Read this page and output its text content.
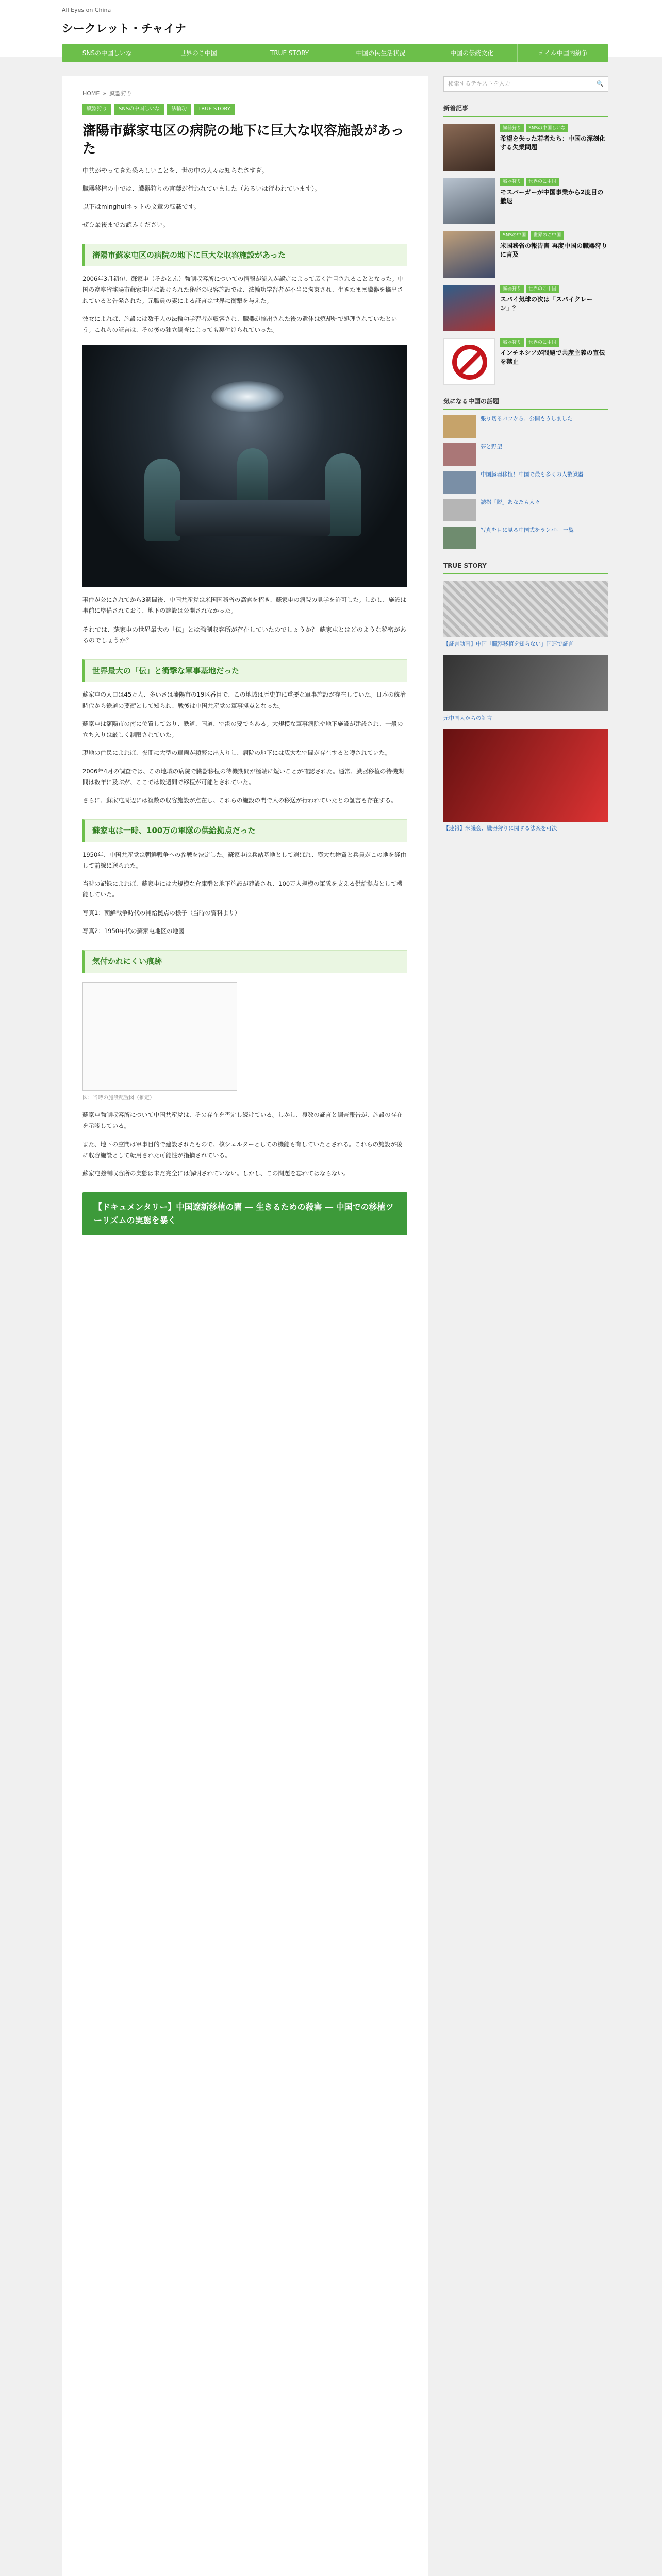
All Eyes on China
シークレット・チャイナ
SNSの中国しいな	世界のこ中国	TRUE STORY	中国の民生活状況	中国の伝統文化	オイル中国内紛争
HOME » 臓器狩り
臓器狩り	SNSの中国しいな	法輪功	TRUE STORY
瀋陽市蘇家屯区の病院の地下に巨大な収容施設があった

中共がやってきた恐ろしいことを、世の中の人々は知らなさすぎ。

臓器移植の中では、臓器狩りの言葉が行われていました（あるいは行われています）。

以下はminghuiネットの文章の転載です。

ぜひ最後までお読みください。

瀋陽市蘇家屯区の病院の地下に巨大な収容施設があった

2006年3月初旬、蘇家屯（そかとん）強制収容所についての情報が流入が認定によって広く注目されることとなった。中国の遼寧省瀋陽市蘇家屯区に設けられた秘密の収容施設では、法輪功学習者が不当に拘束され、生きたまま臓器を摘出されていると告発された。元職員の妻による証言は世界に衝撃を与えた。

彼女によれば、施設には数千人の法輪功学習者が収容され、臓器が摘出された後の遺体は焼却炉で処理されていたという。これらの証言は、その後の独立調査によっても裏付けられていった。

事件が公にされてから3週間後、中国共産党は米国国務省の高官を招き、蘇家屯の病院の見学を許可した。しかし、施設は事前に準備されており、地下の施設は公開されなかった。

それでは、蘇家屯の世界最大の「伝」とは強制収容所が存在していたのでしょうか？ 蘇家屯とはどのような秘密があるのでしょうか？

世界最大の「伝」と衝撃な軍事基地だった

蘇家屯の人口は45万人、多いさは瀋陽市の19区番目で、この地域は歴史的に重要な軍事施設が存在していた。日本の統治時代から鉄道の要衝として知られ、戦後は中国共産党の軍事拠点となった。

蘇家屯は瀋陽市の南に位置しており、鉄道、国道、空港の要でもある。大規模な軍事病院や地下施設が建設され、一般の立ち入りは厳しく制限されていた。

現地の住民によれば、夜間に大型の車両が頻繁に出入りし、病院の地下には広大な空間が存在すると噂されていた。

2006年4月の調査では、この地域の病院で臓器移植の待機期間が極端に短いことが確認された。通常、臓器移植の待機期間は数年に及ぶが、ここでは数週間で移植が可能とされていた。

さらに、蘇家屯周辺には複数の収容施設が点在し、これらの施設の間で人の移送が行われていたとの証言も存在する。

蘇家屯は一時、100万の軍隊の供給拠点だった

1950年、中国共産党は朝鮮戦争への参戦を決定した。蘇家屯は兵站基地として選ばれ、膨大な物資と兵員がこの地を経由して前線に送られた。

当時の記録によれば、蘇家屯には大規模な倉庫群と地下施設が建設され、100万人規模の軍隊を支える供給拠点として機能していた。

写真1：朝鮮戦争時代の補給拠点の様子（当時の資料より）

写真2：1950年代の蘇家屯地区の地図

気付かれにくい痕跡
図：当時の施設配置図（推定）

蘇家屯強制収容所について中国共産党は、その存在を否定し続けている。しかし、複数の証言と調査報告が、施設の存在を示唆している。

また、地下の空間は軍事目的で建設されたもので、核シェルターとしての機能も有していたとされる。これらの施設が後に収容施設として転用された可能性が指摘されている。

蘇家屯強制収容所の実態は未だ完全には解明されていない。しかし、この問題を忘れてはならない。

【ドキュメンタリー】中国遼新移植の闇 ― 生きるための殺害 ― 中国での移植ツーリズムの実態を暴く
検索するテキストを入力	🔍
新着記事
臓器狩り	SNSの中国しいな
希望を失った若者たち：中国の深刻化する失業問題
臓器狩り	世界のこ中国
モスバーガーが中国事業から2度目の撤退
SNSの中国	世界のこ中国
米国務省の報告書 再度中国の臓器狩りに言及
臓器狩り	世界のこ中国
スパイ気球の次は「スパイクレーン」？
臓器狩り	世界のこ中国
インチネシアが問題で共産主義の宣伝を禁止
気になる中国の話題
張り切るバフから、公開もうしました
夢と野望
中国臓器移植！中国で最も多くの人数臓器
誘拐「脱」あなたも人々
写真を目に見る中国式をランバー 一覧
TRUE STORY
【証言動画】中国「臓器移植を知らない」国連で証言
元中国人からの証言
【速報】米議会、臓器狩りに関する法案を可決
